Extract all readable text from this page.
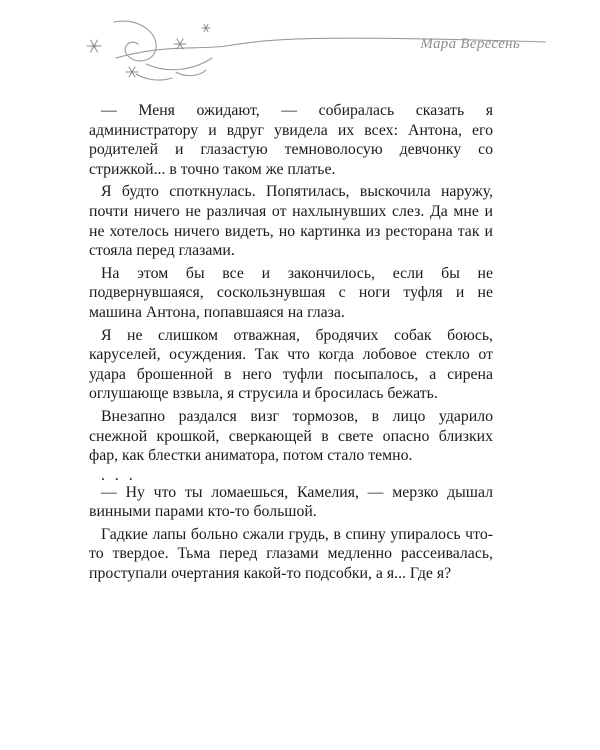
Мара Вересень

— Меня ожидают, — собиралась сказать я администратору и вдруг увидела их всех: Антона, его родителей и глазастую темноволосую девчонку со стрижкой... в точно таком же платье.

Я будто споткнулась. Попятилась, выскочила наружу, почти ничего не различая от нахлынувших слез. Да мне и не хотелось ничего видеть, но картинка из ресторана так и стояла перед глазами.

На этом бы все и закончилось, если бы не подвернувшаяся, соскользнувшая с ноги туфля и не машина Антона, попавшаяся на глаза.

Я не слишком отважная, бродячих собак боюсь, каруселей, осуждения. Так что когда лобовое стекло от удара брошенной в него туфли посыпалось, а сирена оглушающе взвыла, я струсила и бросилась бежать.

Внезапно раздался визг тормозов, в лицо ударило снежной крошкой, сверкающей в свете опасно близких фар, как блестки аниматора, потом стало темно.

. . .

— Ну что ты ломаешься, Камелия, — мерзко дышал винными парами кто-то большой.

Гадкие лапы больно сжали грудь, в спину упиралось что-то твердое. Тьма перед глазами медленно рассеивалась, проступали очертания какой-то подсобки, а я... Где я?
